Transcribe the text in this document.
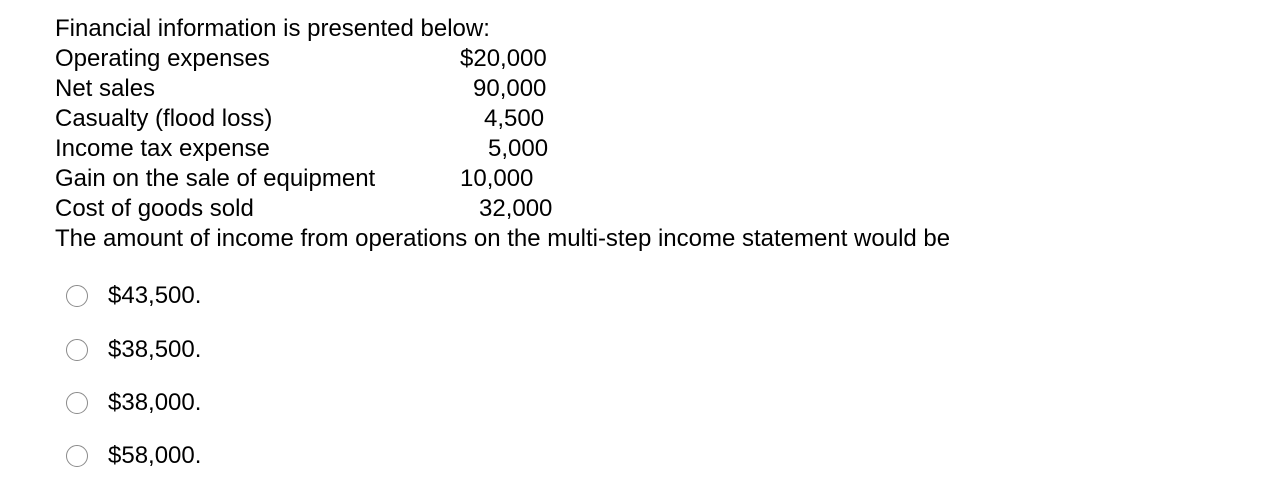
Financial information is presented below:
Operating expenses	$20,000
Net sales	90,000
Casualty (flood loss)	4,500
Income tax expense	5,000
Gain on the sale of equipment	10,000
Cost of goods sold	32,000
The amount of income from operations on the multi-step income statement would be
$43,500.
$38,500.
$38,000.
$58,000.
